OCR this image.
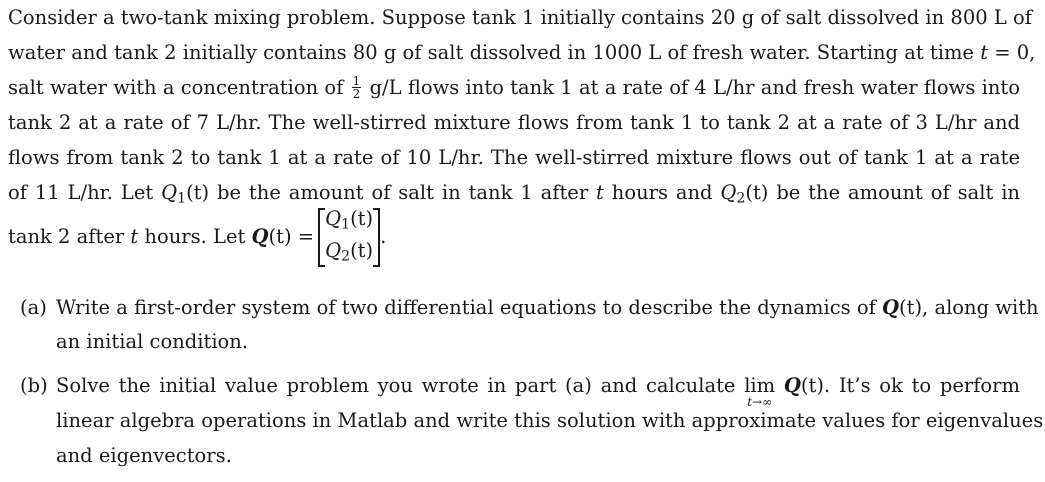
Consider a two-tank mixing problem. Suppose tank 1 initially contains 20 g of salt dissolved in 800 L of
water and tank 2 initially contains 80 g of salt dissolved in 1000 L of fresh water. Starting at time t = 0,
salt water with a concentration of $\frac{1}{2} g/L$ flows into tank 1 at a rate of 4 L/hr and fresh water flows into
tank 2 at a rate of 7 L/hr. The well-stirred mixture flows from tank 1 to tank 2 at a rate of 3 L/hr and
flows from tank 2 to tank 1 at a rate of 10 L/hr. The well-stirred mixture flows out of tank 1 at a rate
of 11 L/hr. Let $Q_1(t)$ be the amount of salt in tank 1 after t hours and $Q_2(t)$ be the amount of salt in
tank 2 after t hours. Let Q(t) =
$Q_1(t)$
$Q_2(t)$
.
(a) Write a first-order system of two differential equations to describe the dynamics of Q(t), along with
an initial condition.
(b) Solve the initial value problem you wrote in part (a) and calculate lim
t→∞
Q(t). It’s ok to perform
linear algebra operations in Matlab and write this solution with approximate values for eigenvalues
and eigenvectors.
